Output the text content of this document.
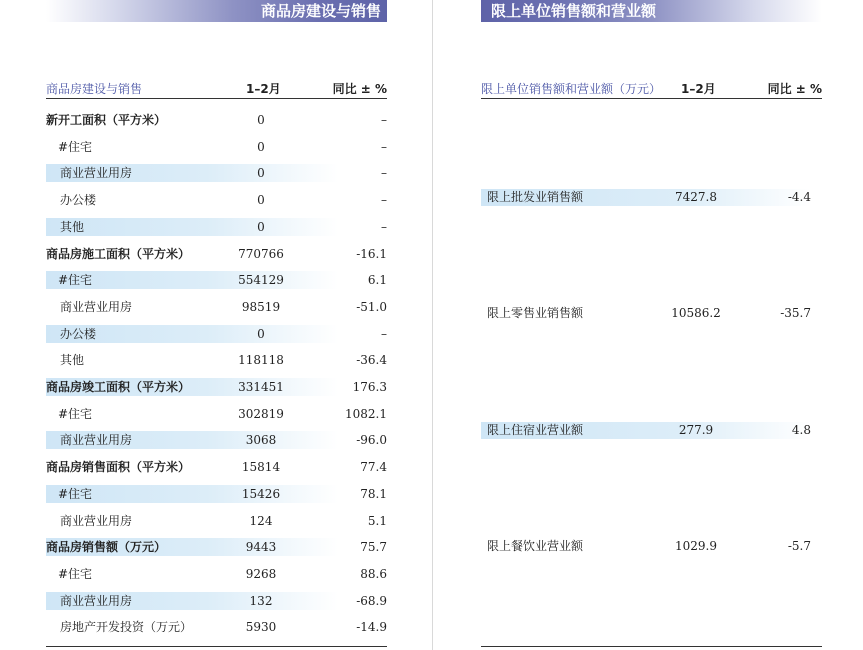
商品房建设与销售
商品房建设与销售	1–2月	同比 ± %
新开工面积（平方米）	0	–
#住宅	0	–
商业营业用房	0	–
办公楼	0	–
其他	0	–
商品房施工面积（平方米）	770766	-16.1
#住宅	554129	6.1
商业营业用房	98519	-51.0
办公楼	0	–
其他	118118	-36.4
商品房竣工面积（平方米）	331451	176.3
#住宅	302819	1082.1
商业营业用房	3068	-96.0
商品房销售面积（平方米）	15814	77.4
#住宅	15426	78.1
商业营业用房	124	5.1
商品房销售额（万元）	9443	75.7
#住宅	9268	88.6
商业营业用房	132	-68.9
房地产开发投资（万元）	5930	-14.9
限上单位销售额和营业额
限上单位销售额和营业额（万元） 1–2月	同比 ± %
限上批发业销售额	7427.8	-4.4
限上零售业销售额	10586.2	-35.7
限上住宿业营业额	277.9	4.8
限上餐饮业营业额	1029.9	-5.7
